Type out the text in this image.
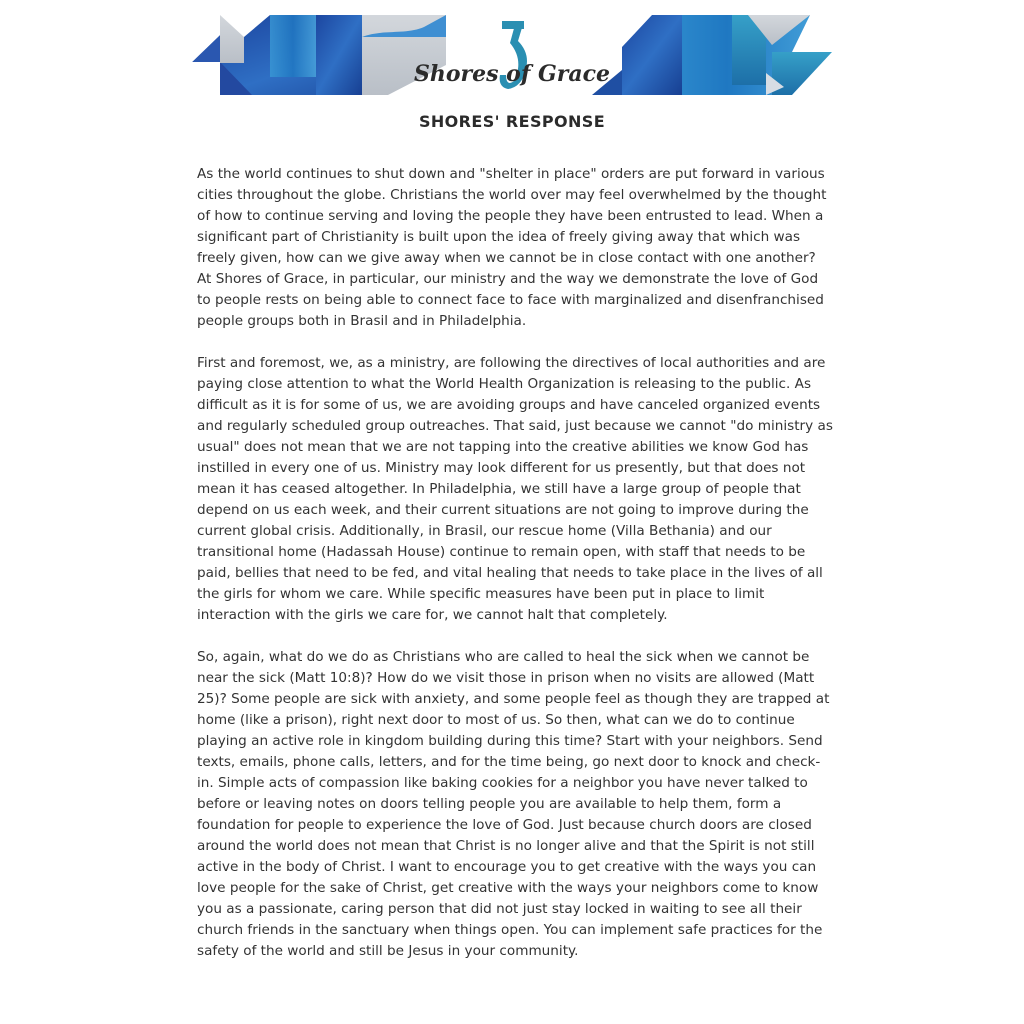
Shores of Grace
SHORES' RESPONSE

As the world continues to shut down and "shelter in place" orders are put forward in various cities throughout the globe. Christians the world over may feel overwhelmed by the thought of how to continue serving and loving the people they have been entrusted to lead. When a significant part of Christianity is built upon the idea of freely giving away that which was freely given, how can we give away when we cannot be in close contact with one another? At Shores of Grace, in particular, our ministry and the way we demonstrate the love of God to people rests on being able to connect face to face with marginalized and disenfranchised people groups both in Brasil and in Philadelphia.

First and foremost, we, as a ministry, are following the directives of local authorities and are paying close attention to what the World Health Organization is releasing to the public. As difficult as it is for some of us, we are avoiding groups and have canceled organized events and regularly scheduled group outreaches. That said, just because we cannot "do ministry as usual" does not mean that we are not tapping into the creative abilities we know God has instilled in every one of us. Ministry may look different for us presently, but that does not mean it has ceased altogether. In Philadelphia, we still have a large group of people that depend on us each week, and their current situations are not going to improve during the current global crisis. Additionally, in Brasil, our rescue home (Villa Bethania) and our transitional home (Hadassah House) continue to remain open, with staff that needs to be paid, bellies that need to be fed, and vital healing that needs to take place in the lives of all the girls for whom we care. While specific measures have been put in place to limit interaction with the girls we care for, we cannot halt that completely.

So, again, what do we do as Christians who are called to heal the sick when we cannot be near the sick (Matt 10:8)? How do we visit those in prison when no visits are allowed (Matt 25)? Some people are sick with anxiety, and some people feel as though they are trapped at home (like a prison), right next door to most of us. So then, what can we do to continue playing an active role in kingdom building during this time? Start with your neighbors. Send texts, emails, phone calls, letters, and for the time being, go next door to knock and check-in. Simple acts of compassion like baking cookies for a neighbor you have never talked to before or leaving notes on doors telling people you are available to help them, form a foundation for people to experience the love of God. Just because church doors are closed around the world does not mean that Christ is no longer alive and that the Spirit is not still active in the body of Christ. I want to encourage you to get creative with the ways you can love people for the sake of Christ, get creative with the ways your neighbors come to know you as a passionate, caring person that did not just stay locked in waiting to see all their church friends in the sanctuary when things open. You can implement safe practices for the safety of the world and still be Jesus in your community.
